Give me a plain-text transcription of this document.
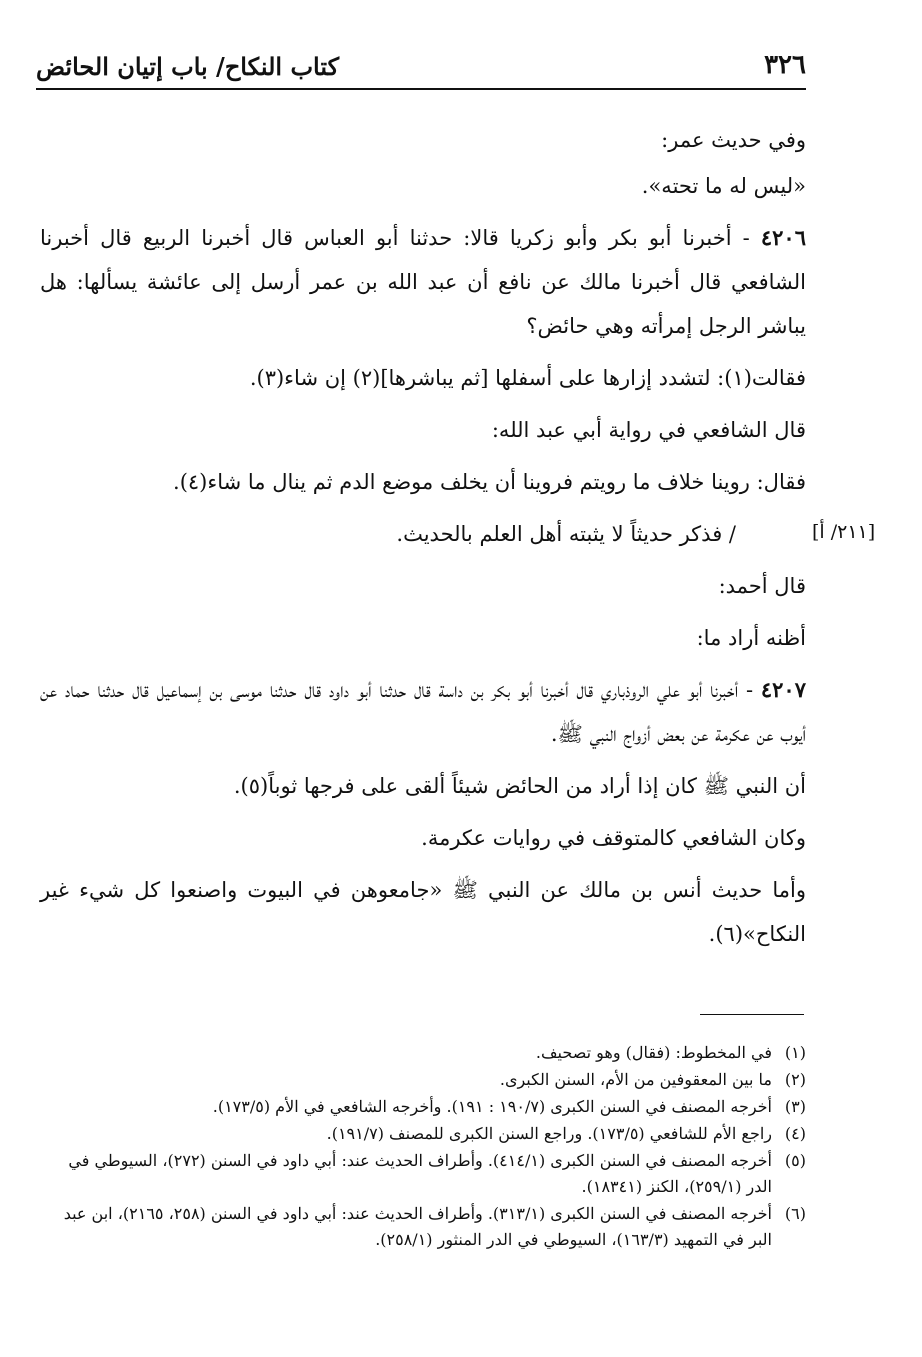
٣٢٦
كتاب النكاح/ باب إتيان الحائض
[٢١١/ أ]

وفي حديث عمر:

«ليس له ما تحته».

٤٢٠٦ - أخبرنا أبو بكر وأبو زكريا قالا: حدثنا أبو العباس قال أخبرنا الربيع قال أخبرنا الشافعي قال أخبرنا مالك عن نافع أن عبد الله بن عمر أرسل إلى عائشة يسألها: هل يباشر الرجل إمرأته وهي حائض؟

فقالت(١): لتشدد إزارها على أسفلها [ثم يباشرها](٢) إن شاء(٣).

قال الشافعي في رواية أبي عبد الله:

فقال: روينا خلاف ما رويتم فروينا أن يخلف موضع الدم ثم ينال ما شاء(٤).

/ فذكر حديثاً لا يثبته أهل العلم بالحديث.

قال أحمد:

أظنه أراد ما:

٤٢٠٧ - أخبرنا أبو علي الروذباري قال أخبرنا أبو بكر بن داسة قال حدثنا أبو داود قال حدثنا موسى بن إسماعيل قال حدثنا حماد عن أيوب عن عكرمة عن بعض أزواج النبي ﷺ.

أن النبي ﷺ كان إذا أراد من الحائض شيئاً ألقى على فرجها ثوباً(٥).

وكان الشافعي كالمتوقف في روايات عكرمة.

وأما حديث أنس بن مالك عن النبي ﷺ «جامعوهن في البيوت واصنعوا كل شيء غير النكاح»(٦).

(١)في المخطوط: (فقال) وهو تصحيف.

(٢)ما بين المعقوفين من الأم، السنن الكبرى.

(٣)أخرجه المصنف في السنن الكبرى (١٩٠/٧ : ١٩١). وأخرجه الشافعي في الأم (١٧٣/٥).

(٤)راجع الأم للشافعي (١٧٣/٥). وراجع السنن الكبرى للمصنف (١٩١/٧).

(٥)أخرجه المصنف في السنن الكبرى (٤١٤/١). وأطراف الحديث عند: أبي داود في السنن (٢٧٢)، السيوطي في الدر (٢٥٩/١)، الكنز (١٨٣٤١).

(٦)أخرجه المصنف في السنن الكبرى (٣١٣/١). وأطراف الحديث عند: أبي داود في السنن (٢٥٨، ٢١٦٥)، ابن عبد البر في التمهيد (١٦٣/٣)، السيوطي في الدر المنثور (٢٥٨/١).
